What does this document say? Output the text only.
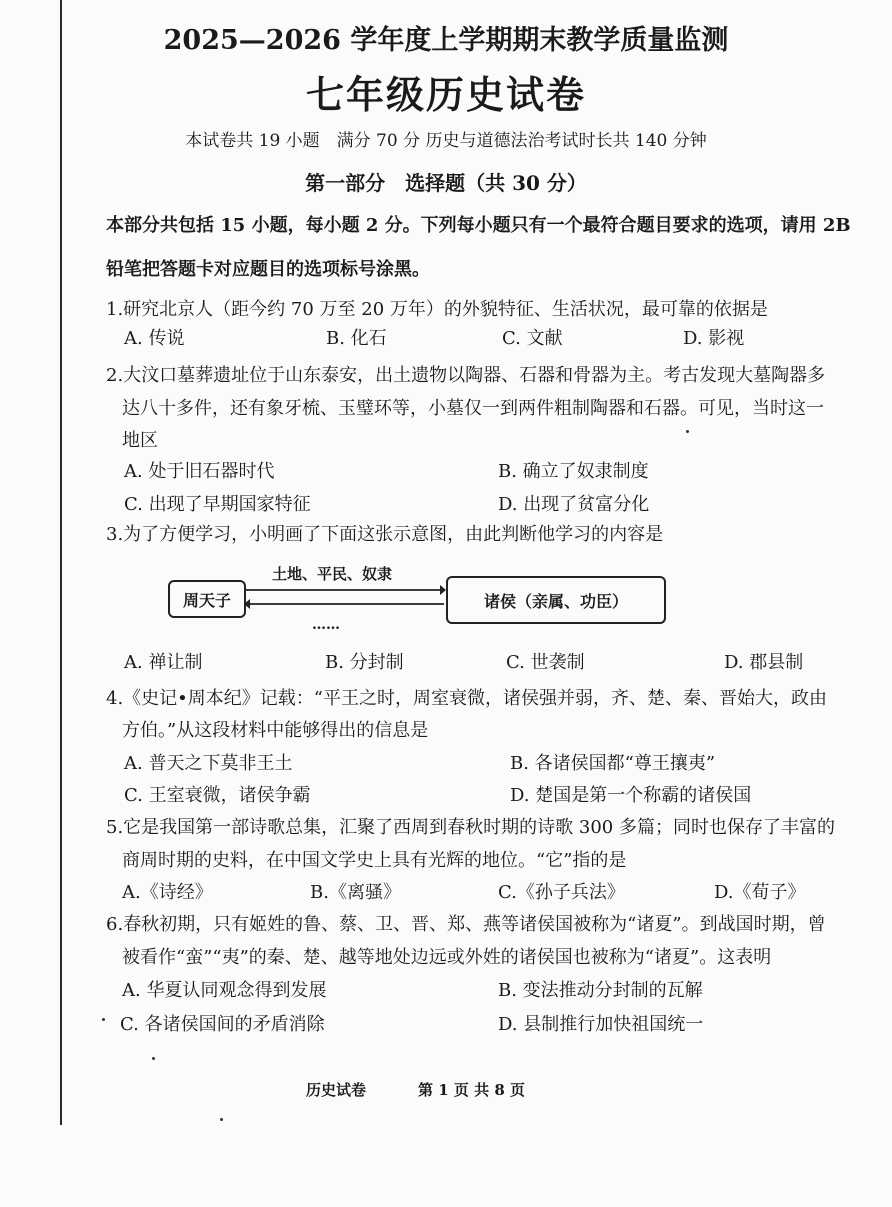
2025—2026 学年度上学期期末教学质量监测
七年级历史试卷
本试卷共 19 小题　满分 70 分 历史与道德法治考试时长共 140 分钟
第一部分　选择题（共 30 分）
本部分共包括 15 小题，每小题 2 分。下列每小题只有一个最符合题目要求的选项，请用 2B
铅笔把答题卡对应题目的选项标号涂黑。
1.研究北京人（距今约 70 万至 20 万年）的外貌特征、生活状况，最可靠的依据是
A. 传说	B. 化石	C. 文献	D. 影视
2.大汶口墓葬遗址位于山东泰安，出土遗物以陶器、石器和骨器为主。考古发现大墓陶器多
达八十多件，还有象牙梳、玉璧环等，小墓仅一到两件粗制陶器和石器。可见，当时这一
地区
A. 处于旧石器时代	B. 确立了奴隶制度
C. 出现了早期国家特征	D. 出现了贫富分化
3.为了方便学习，小明画了下面这张示意图，由此判断他学习的内容是
周天子	诸侯（亲属、功臣）
土地、平民、奴隶
……
A. 禅让制	B. 分封制	C. 世袭制	D. 郡县制
4.《史记•周本纪》记载：“平王之时，周室衰微，诸侯强并弱，齐、楚、秦、晋始大，政由
方伯。”从这段材料中能够得出的信息是
A. 普天之下莫非王土	B. 各诸侯国都“尊王攘夷”
C. 王室衰微，诸侯争霸	D. 楚国是第一个称霸的诸侯国
5.它是我国第一部诗歌总集，汇聚了西周到春秋时期的诗歌 300 多篇；同时也保存了丰富的
商周时期的史料，在中国文学史上具有光辉的地位。“它”指的是
A.《诗经》	B.《离骚》	C.《孙子兵法》	D.《荀子》
6.春秋初期，只有姬姓的鲁、蔡、卫、晋、郑、燕等诸侯国被称为“诸夏”。到战国时期，曾
被看作“蛮”“夷”的秦、楚、越等地处边远或外姓的诸侯国也被称为“诸夏”。这表明
A. 华夏认同观念得到发展	B. 变法推动分封制的瓦解
C. 各诸侯国间的矛盾消除	D. 县制推行加快祖国统一
历史试卷	第 1 页 共 8 页
